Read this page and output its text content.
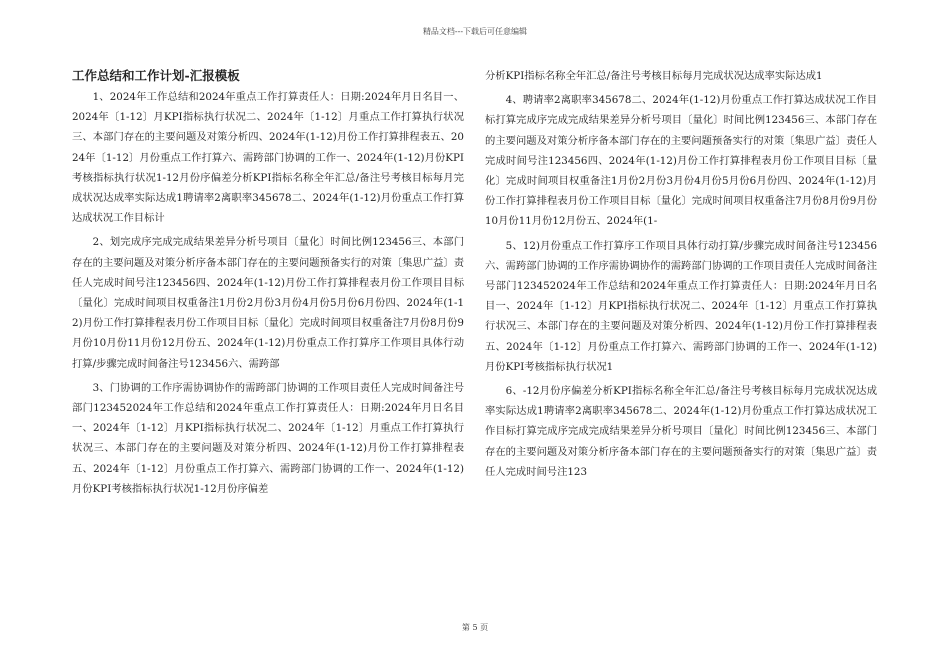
精品文档---下载后可任意编辑
工作总结和工作计划-汇报模板

1、2024年工作总结和2024年重点工作打算责任人：日期:2024年月日名目一、2024年〔1-12〕月KPI指标执行状况二、2024年〔1-12〕月重点工作打算执行状况三、本部门存在的主要问题及对策分析四、2024年(1-12)月份工作打算排程表五、2024年〔1-12〕月份重点工作打算六、需跨部门协调的工作一、2024年(1-12)月份KPI考核指标执行状况1-12月份序偏差分析KPI指标名称全年汇总/备注号考核目标每月完成状况达成率实际达成1聘请率2离职率345678二、2024年(1-12)月份重点工作打算达成状况工作目标计

2、划完成序完成完成结果差异分析号项目〔量化〕时间比例123456三、本部门存在的主要问题及对策分析序备本部门存在的主要问题预备实行的对策〔集思广益〕责任人完成时间号注123456四、2024年(1-12)月份工作打算排程表月份工作项目目标〔量化〕完成时间项目权重备注1月份2月份3月份4月份5月份6月份四、2024年(1-12)月份工作打算排程表月份工作项目目标〔量化〕完成时间项目权重备注7月份8月份9月份10月份11月份12月份五、2024年(1-12)月份重点工作打算序工作项目具体行动打算/步骤完成时间备注号123456六、需跨部

3、门协调的工作序需协调协作的需跨部门协调的工作项目责任人完成时间备注号部门123452024年工作总结和2024年重点工作打算责任人：日期:2024年月日名目一、2024年〔1-12〕月KPI指标执行状况二、2024年〔1-12〕月重点工作打算执行状况三、本部门存在的主要问题及对策分析四、2024年(1-12)月份工作打算排程表五、2024年〔1-12〕月份重点工作打算六、需跨部门协调的工作一、2024年(1-12)月份KPI考核指标执行状况1-12月份序偏差

分析KPI指标名称全年汇总/备注号考核目标每月完成状况达成率实际达成1

4、聘请率2离职率345678二、2024年(1-12)月份重点工作打算达成状况工作目标打算完成序完成完成结果差异分析号项目〔量化〕时间比例123456三、本部门存在的主要问题及对策分析序备本部门存在的主要问题预备实行的对策〔集思广益〕责任人完成时间号注123456四、2024年(1-12)月份工作打算排程表月份工作项目目标〔量化〕完成时间项目权重备注1月份2月份3月份4月份5月份6月份四、2024年(1-12)月份工作打算排程表月份工作项目目标〔量化〕完成时间项目权重备注7月份8月份9月份10月份11月份12月份五、2024年(1-

5、12)月份重点工作打算序工作项目具体行动打算/步骤完成时间备注号123456六、需跨部门协调的工作序需协调协作的需跨部门协调的工作项目责任人完成时间备注号部门123452024年工作总结和2024年重点工作打算责任人：日期:2024年月日名目一、2024年〔1-12〕月KPI指标执行状况二、2024年〔1-12〕月重点工作打算执行状况三、本部门存在的主要问题及对策分析四、2024年(1-12)月份工作打算排程表五、2024年〔1-12〕月份重点工作打算六、需跨部门协调的工作一、2024年(1-12)月份KPI考核指标执行状况1

6、-12月份序偏差分析KPI指标名称全年汇总/备注号考核目标每月完成状况达成率实际达成1聘请率2离职率345678二、2024年(1-12)月份重点工作打算达成状况工作目标打算完成序完成完成结果差异分析号项目〔量化〕时间比例123456三、本部门存在的主要问题及对策分析序备本部门存在的主要问题预备实行的对策〔集思广益〕责任人完成时间号注123

第 5 页
